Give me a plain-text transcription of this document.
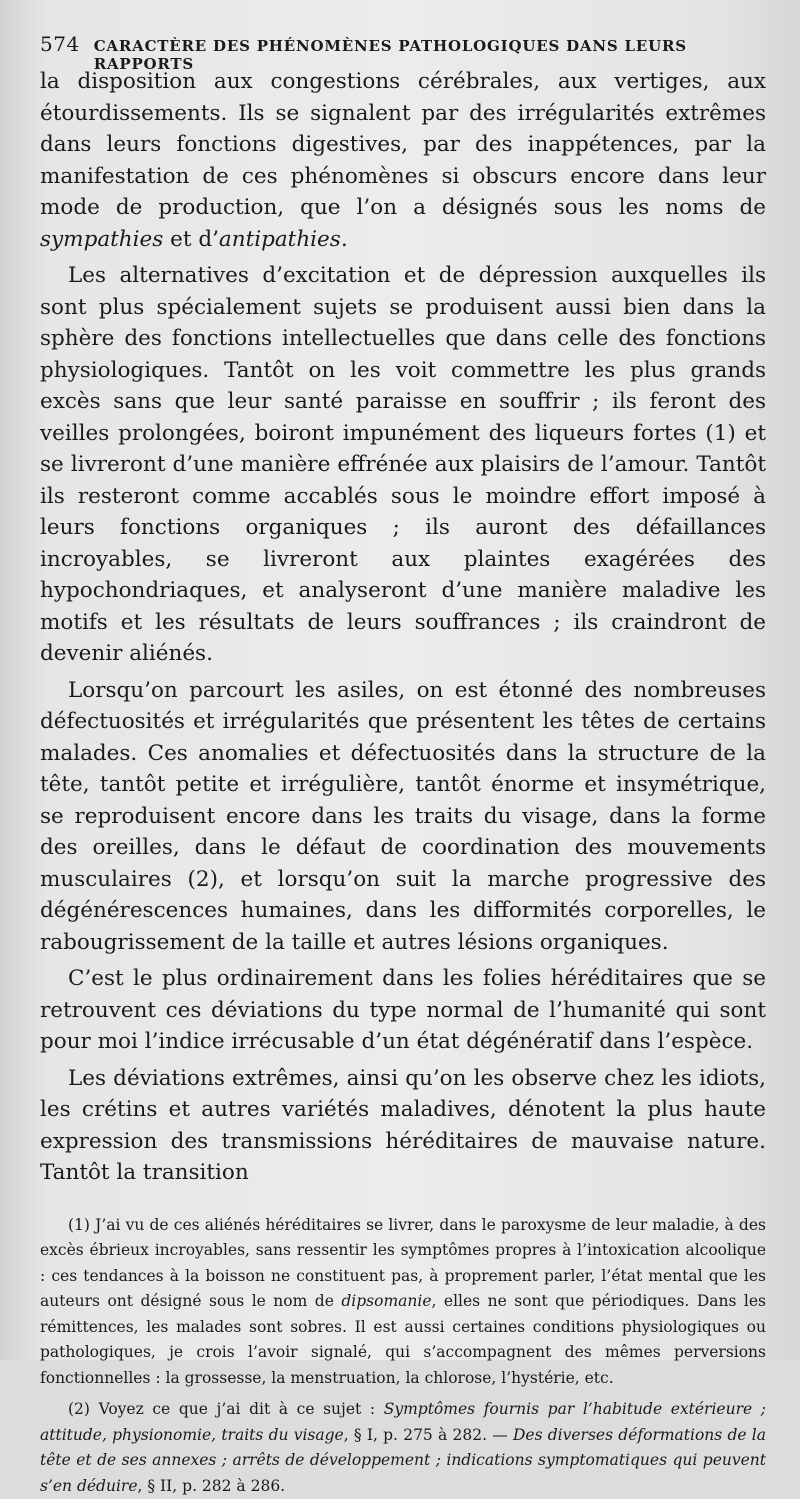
574 CARACTÈRE DES PHÉNOMÈNES PATHOLOGIQUES DANS LEURS RAPPORTS

la disposition aux congestions cérébrales, aux vertiges, aux étourdissements. Ils se signalent par des irrégularités extrêmes dans leurs fonctions digestives, par des inappétences, par la manifestation de ces phénomènes si obscurs encore dans leur mode de production, que l’on a désignés sous les noms de sympathies et d’antipathies.

Les alternatives d’excitation et de dépression auxquelles ils sont plus spécialement sujets se produisent aussi bien dans la sphère des fonctions intellectuelles que dans celle des fonctions physiologiques. Tantôt on les voit commettre les plus grands excès sans que leur santé paraisse en souffrir ; ils feront des veilles prolongées, boiront impunément des liqueurs fortes (1) et se livreront d’une manière effrénée aux plaisirs de l’amour. Tantôt ils resteront comme accablés sous le moindre effort imposé à leurs fonctions organiques ; ils auront des défaillances incroyables, se livreront aux plaintes exagérées des hypochondriaques, et analyseront d’une manière maladive les motifs et les résultats de leurs souffrances ; ils craindront de devenir aliénés.

Lorsqu’on parcourt les asiles, on est étonné des nombreuses défectuosités et irrégularités que présentent les têtes de certains malades. Ces anomalies et défectuosités dans la structure de la tête, tantôt petite et irrégulière, tantôt énorme et insymétrique, se reproduisent encore dans les traits du visage, dans la forme des oreilles, dans le défaut de coordination des mouvements musculaires (2), et lorsqu’on suit la marche progressive des dégénérescences humaines, dans les difformités corporelles, le rabougrissement de la taille et autres lésions organiques.

C’est le plus ordinairement dans les folies héréditaires que se retrouvent ces déviations du type normal de l’humanité qui sont pour moi l’indice irrécusable d’un état dégénératif dans l’espèce.

Les déviations extrêmes, ainsi qu’on les observe chez les idiots, les crétins et autres variétés maladives, dénotent la plus haute expression des transmissions héréditaires de mauvaise nature. Tantôt la transition

(1) J’ai vu de ces aliénés héréditaires se livrer, dans le paroxysme de leur maladie, à des excès ébrieux incroyables, sans ressentir les symptômes propres à l’intoxication alcoolique : ces tendances à la boisson ne constituent pas, à proprement parler, l’état mental que les auteurs ont désigné sous le nom de dipsomanie, elles ne sont que périodiques. Dans les rémittences, les malades sont sobres. Il est aussi certaines conditions physiologiques ou pathologiques, je crois l’avoir signalé, qui s’accompagnent des mêmes perversions fonctionnelles : la grossesse, la menstruation, la chlorose, l’hystérie, etc.

(2) Voyez ce que j’ai dit à ce sujet : Symptômes fournis par l’habitude extérieure ; attitude, physionomie, traits du visage, § I, p. 275 à 282. — Des diverses déformations de la tête et de ses annexes ; arrêts de développement ; indications symptomatiques qui peuvent s’en déduire, § II, p. 282 à 286.
